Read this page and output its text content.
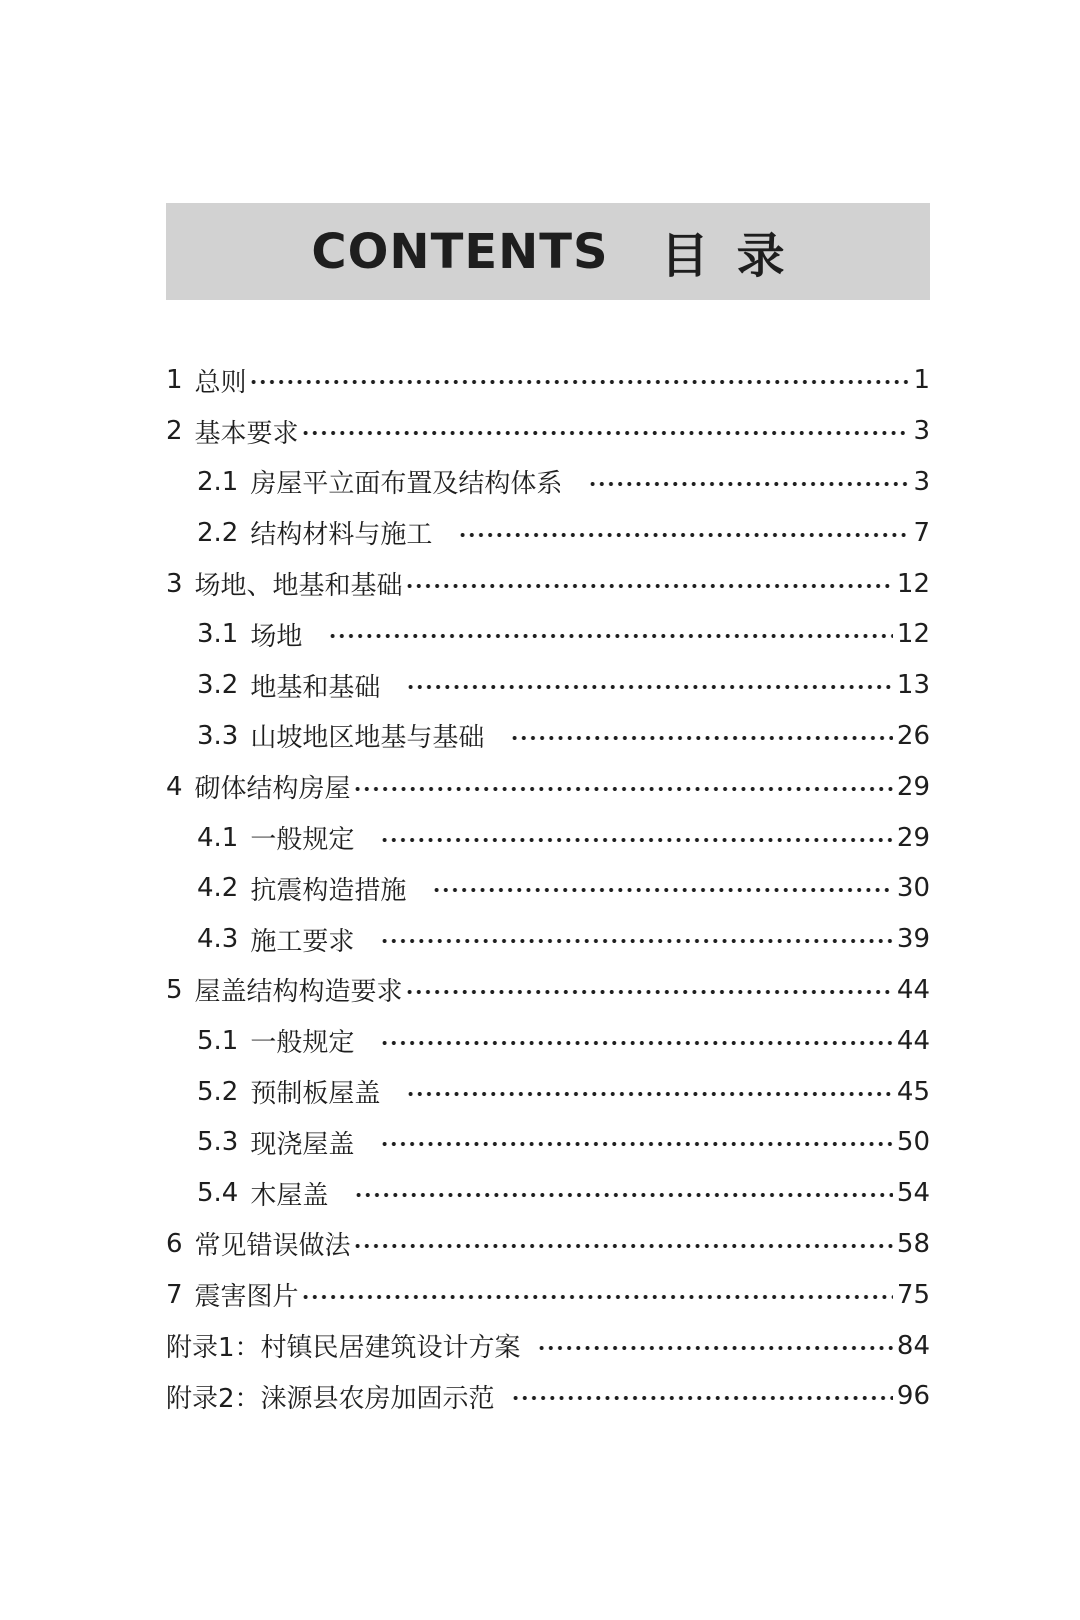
CONTENTS 目录
1 总则	1
2 基本要求	3
2.1 房屋平立面布置及结构体系	3
2.2 结构材料与施工	7
3 场地、地基和基础	12
3.1 场地	12
3.2 地基和基础	13
3.3 山坡地区地基与基础	26
4 砌体结构房屋	29
4.1 一般规定	29
4.2 抗震构造措施	30
4.3 施工要求	39
5 屋盖结构构造要求	44
5.1 一般规定	44
5.2 预制板屋盖	45
5.3 现浇屋盖	50
5.4 木屋盖	54
6 常见错误做法	58
7 震害图片	75
附录1：村镇民居建筑设计方案	84
附录2：涞源县农房加固示范	96
